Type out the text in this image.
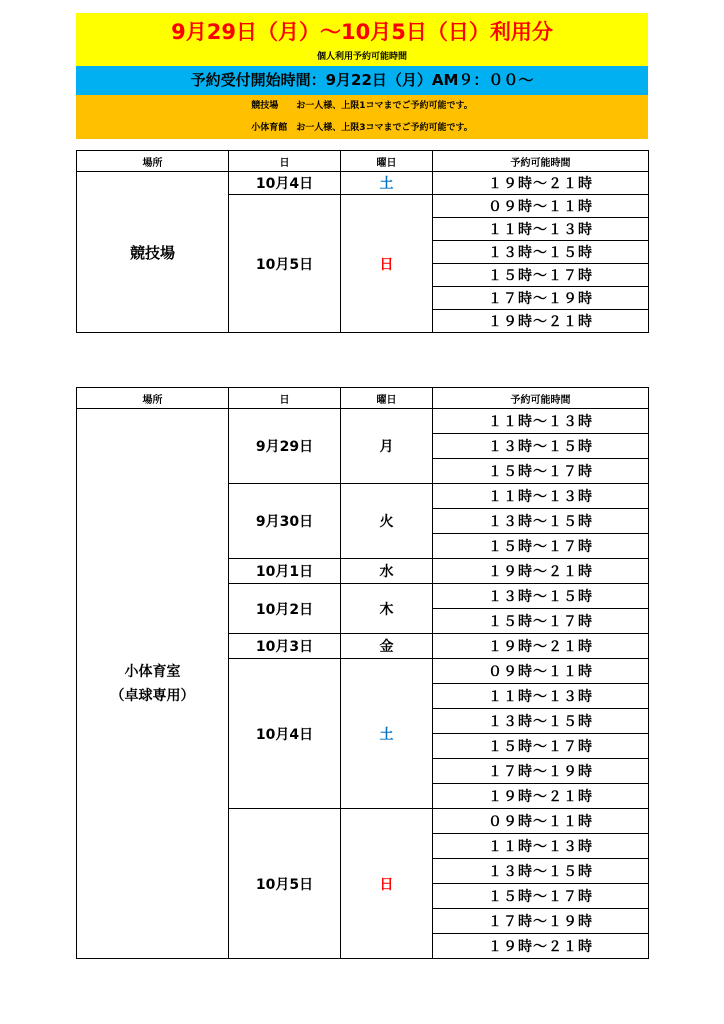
9月29日（月）～10月5日（日）利用分
個人利用予約可能時間
予約受付開始時間：9月22日（月）AM９：００～
競技場　　お一人様、上限1コマまでご予約可能です。
小体育館　お一人様、上限3コマまでご予約可能です。
場所	日	曜日	予約可能時間
競技場	10月4日	土	１９時～２１時
	10月5日	日	０９時～１１時
			１１時～１３時
			１３時～１５時
			１５時～１７時
			１７時～１９時
			１９時～２１時
場所	日	曜日	予約可能時間

小体育室
（卓球専用）	9月29日	月	１１時～１３時
			１３時～１５時
			１５時～１７時
	9月30日	火	１１時～１３時
			１３時～１５時
			１５時～１７時
	10月1日	水	１９時～２１時
	10月2日	木	１３時～１５時
			１５時～１７時
	10月3日	金	１９時～２１時
	10月4日	土	０９時～１１時
			１１時～１３時
			１３時～１５時
			１５時～１７時
			１７時～１９時
			１９時～２１時
	10月5日	日	０９時～１１時
			１１時～１３時
			１３時～１５時
			１５時～１７時
			１７時～１９時
			１９時～２１時
